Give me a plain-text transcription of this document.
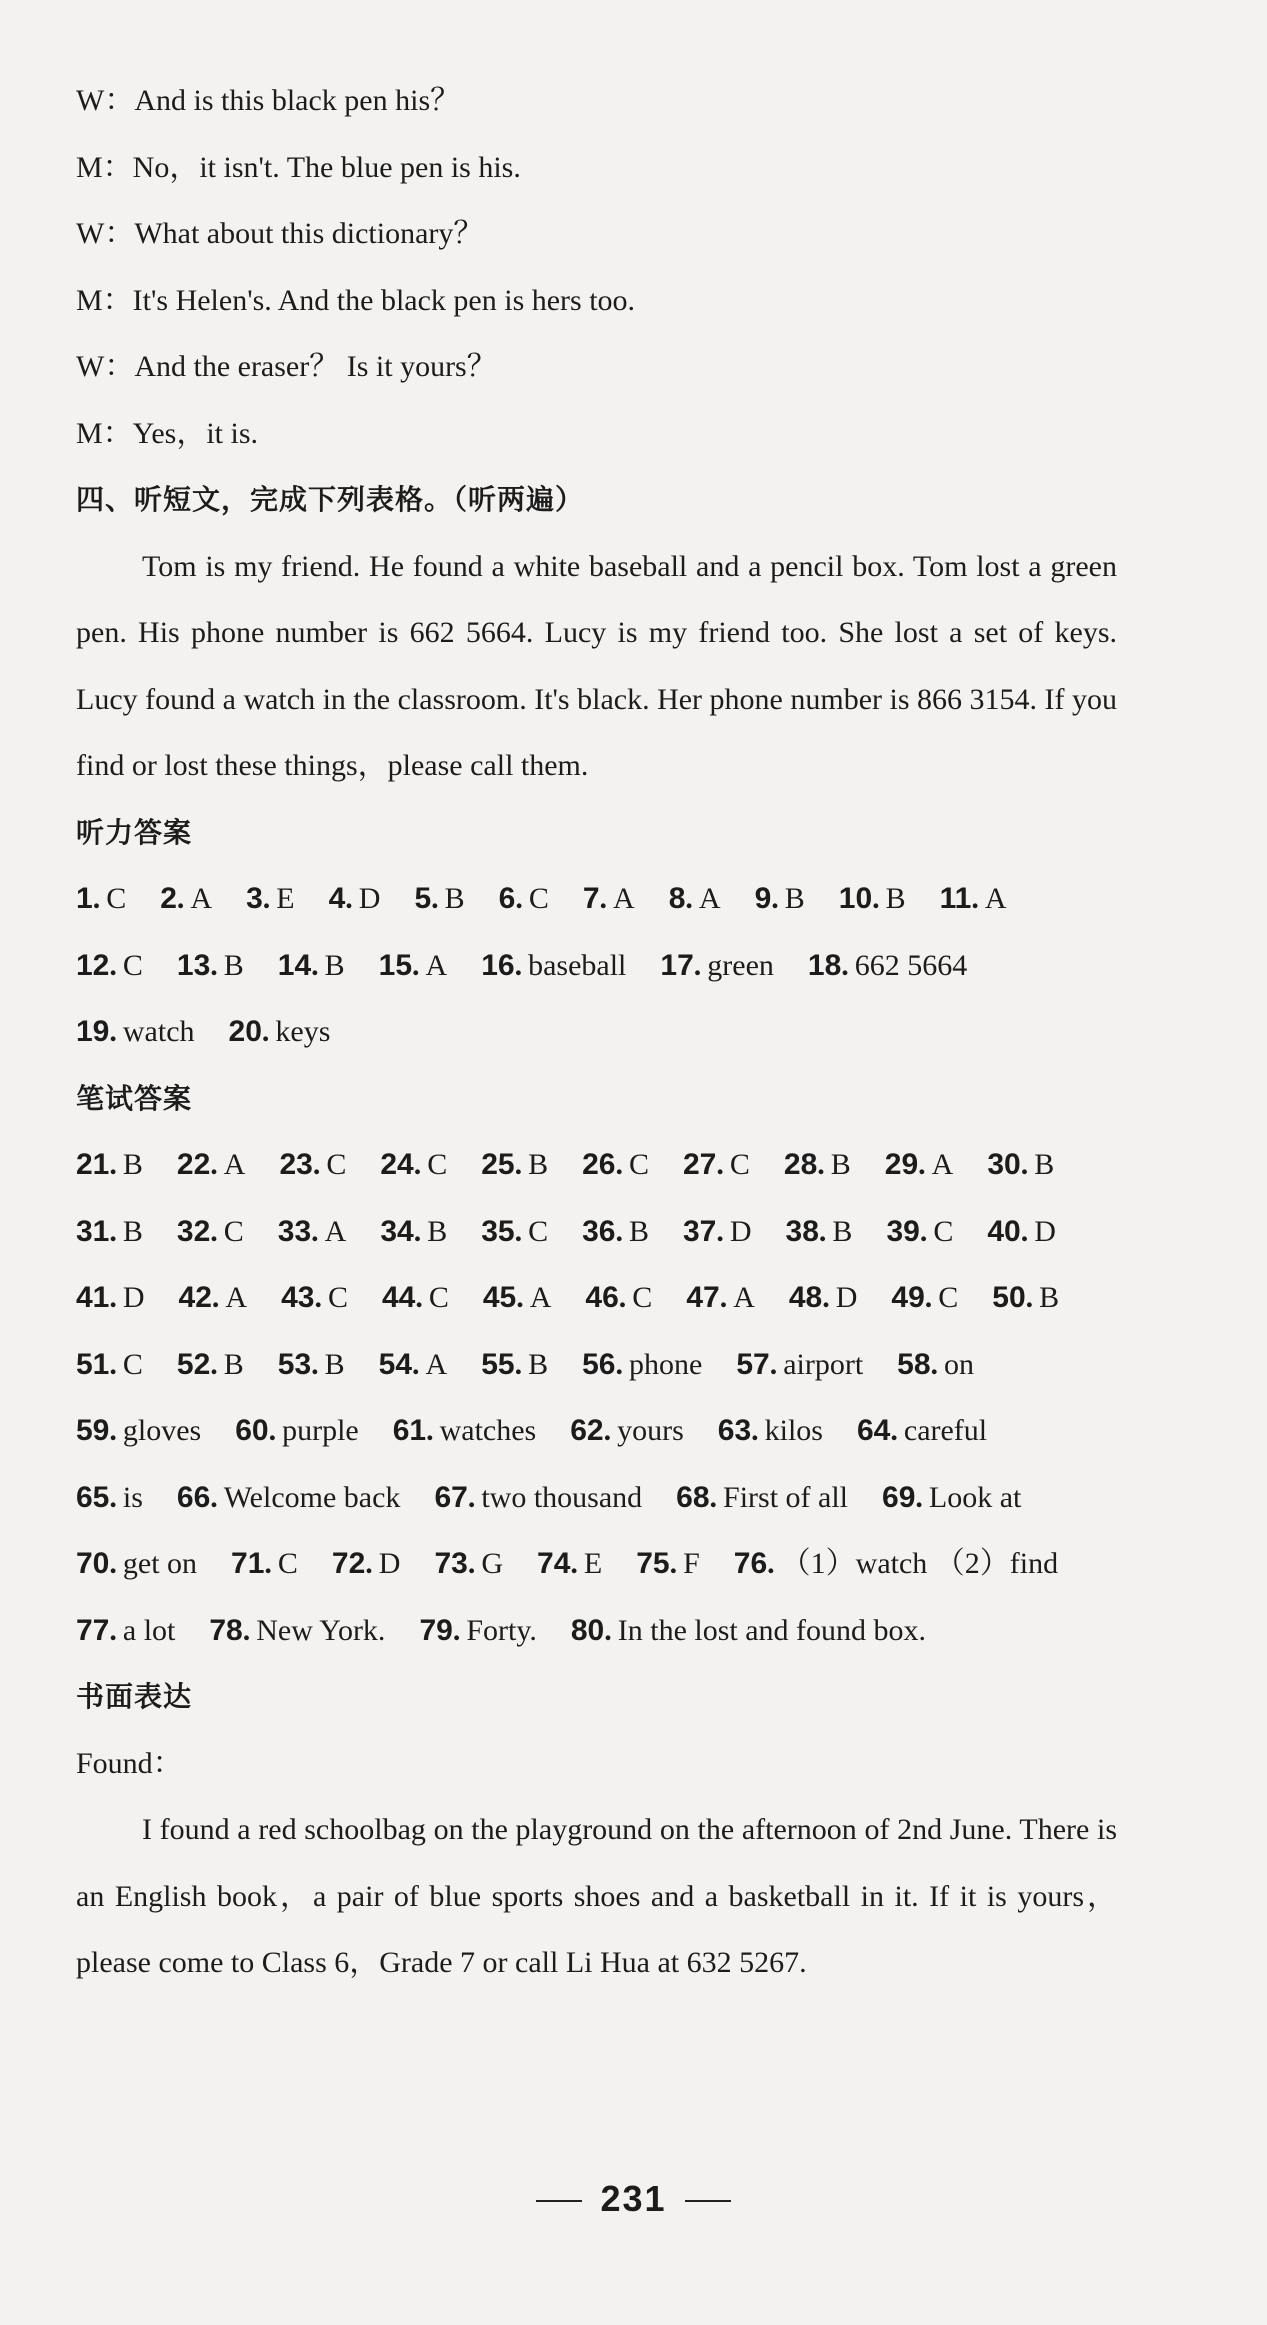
W：And is this black pen his？
M：No，it isn't. The blue pen is his.
W：What about this dictionary？
M：It's Helen's. And the black pen is hers too.
W：And the eraser？ Is it yours？
M：Yes，it is.
四、听短文，完成下列表格。（听两遍）

Tom is my friend. He found a white baseball and a pencil box. Tom lost a green pen. His phone number is 662 5664. Lucy is my friend too. She lost a set of keys. Lucy found a watch in the classroom. It's black. Her phone number is 866 3154. If you find or lost these things，please call them.

听力答案
1. C 2. A 3. E 4. D 5. B 6. C 7. A 8. A 9. B 10. B 11. A12. C 13. B 14. B 15. A 16. baseball 17. green 18. 662 566419. watch 20. keys
笔试答案
21. B 22. A 23. C 24. C 25. B 26. C 27. C 28. B 29. A 30. B31. B 32. C 33. A 34. B 35. C 36. B 37. D 38. B 39. C 40. D41. D 42. A 43. C 44. C 45. A 46. C 47. A 48. D 49. C 50. B51. C 52. B 53. B 54. A 55. B 56. phone 57. airport 58. on59. gloves 60. purple 61. watches 62. yours 63. kilos 64. careful65. is 66. Welcome back 67. two thousand 68. First of all 69. Look at70. get on 71. C 72. D 73. G 74. E 75. F 76. （1）watch （2）find77. a lot 78. New York. 79. Forty. 80. In the lost and found box.
书面表达
Found：

I found a red schoolbag on the playground on the afternoon of 2nd June. There is an English book，a pair of blue sports shoes and a basketball in it. If it is yours，please come to Class 6，Grade 7 or call Li Hua at 632 5267.

231
